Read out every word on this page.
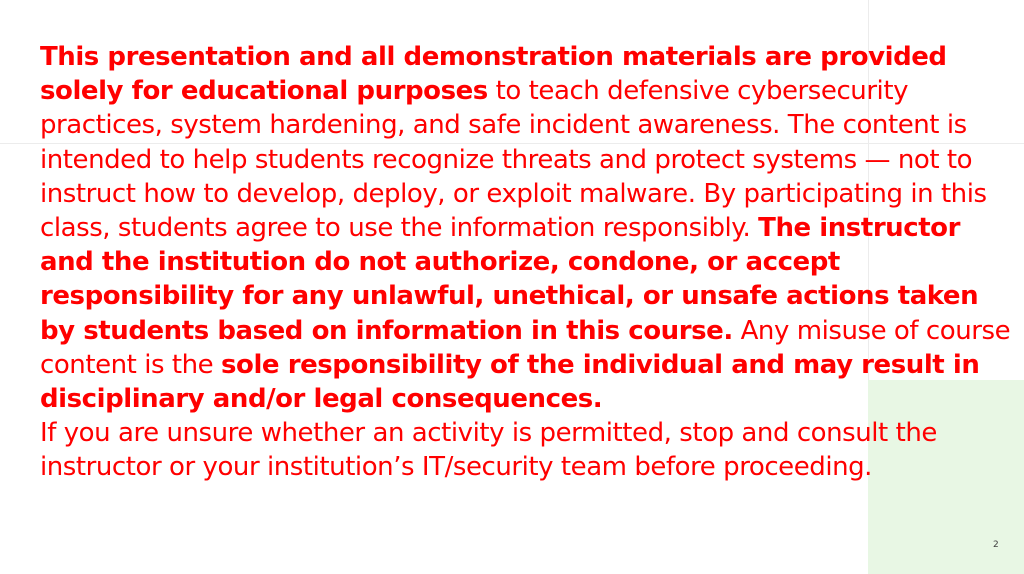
This presentation and all demonstration materials are provided solely for educational purposes to teach defensive cybersecurity practices, system hardening, and safe incident awareness. The content is intended to help students recognize threats and protect systems — not to instruct how to develop, deploy, or exploit malware. By participating in this class, students agree to use the information responsibly. The instructor and the institution do not authorize, condone, or accept responsibility for any unlawful, unethical, or unsafe actions taken by students based on information in this course. Any misuse of course content is the sole responsibility of the individual and may result in disciplinary and/or legal consequences.

If you are unsure whether an activity is permitted, stop and consult the instructor or your institution’s IT/security team before proceeding.

2
